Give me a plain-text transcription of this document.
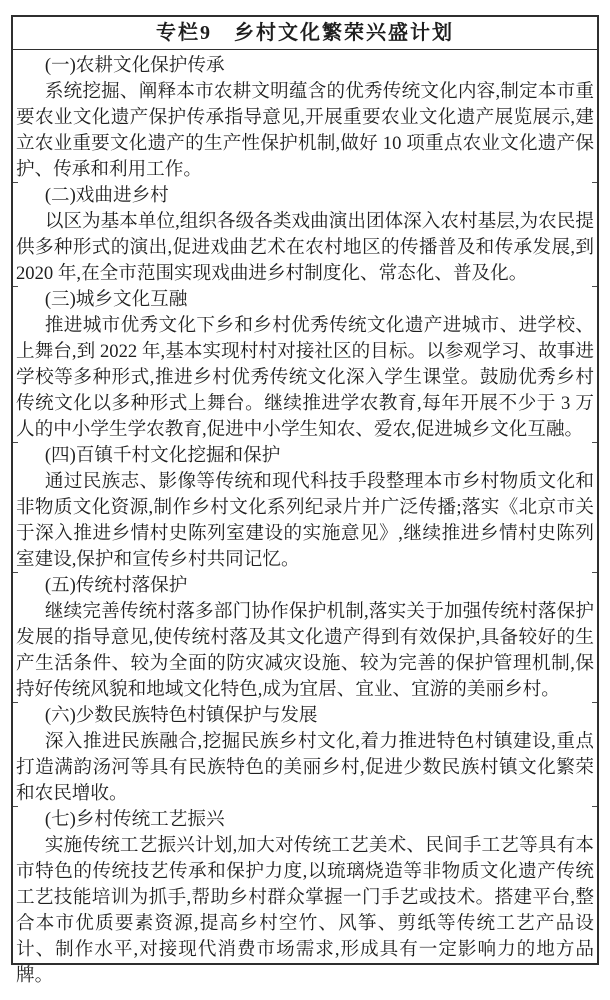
专栏9　乡村文化繁荣兴盛计划

(一)农耕文化保护传承

系统挖掘、阐释本市农耕文明蕴含的优秀传统文化内容,制定本市重要农业文化遗产保护传承指导意见,开展重要农业文化遗产展览展示,建立农业重要文化遗产的生产性保护机制,做好 10 项重点农业文化遗产保护、传承和利用工作。

(二)戏曲进乡村

以区为基本单位,组织各级各类戏曲演出团体深入农村基层,为农民提供多种形式的演出,促进戏曲艺术在农村地区的传播普及和传承发展,到 2020 年,在全市范围实现戏曲进乡村制度化、常态化、普及化。

(三)城乡文化互融

推进城市优秀文化下乡和乡村优秀传统文化遗产进城市、进学校、上舞台,到 2022 年,基本实现村村对接社区的目标。以参观学习、故事进学校等多种形式,推进乡村优秀传统文化深入学生课堂。鼓励优秀乡村传统文化以多种形式上舞台。继续推进学农教育,每年开展不少于 3 万人的中小学生学农教育,促进中小学生知农、爱农,促进城乡文化互融。

(四)百镇千村文化挖掘和保护

通过民族志、影像等传统和现代科技手段整理本市乡村物质文化和非物质文化资源,制作乡村文化系列纪录片并广泛传播;落实《北京市关于深入推进乡情村史陈列室建设的实施意见》,继续推进乡情村史陈列室建设,保护和宣传乡村共同记忆。

(五)传统村落保护

继续完善传统村落多部门协作保护机制,落实关于加强传统村落保护发展的指导意见,使传统村落及其文化遗产得到有效保护,具备较好的生产生活条件、较为全面的防灾减灾设施、较为完善的保护管理机制,保持好传统风貌和地域文化特色,成为宜居、宜业、宜游的美丽乡村。

(六)少数民族特色村镇保护与发展

深入推进民族融合,挖掘民族乡村文化,着力推进特色村镇建设,重点打造满韵汤河等具有民族特色的美丽乡村,促进少数民族村镇文化繁荣和农民增收。

(七)乡村传统工艺振兴

实施传统工艺振兴计划,加大对传统工艺美术、民间手工艺等具有本市特色的传统技艺传承和保护力度,以琉璃烧造等非物质文化遗产传统工艺技能培训为抓手,帮助乡村群众掌握一门手艺或技术。搭建平台,整合本市优质要素资源,提高乡村空竹、风筝、剪纸等传统工艺产品设计、制作水平,对接现代消费市场需求,形成具有一定影响力的地方品牌。
